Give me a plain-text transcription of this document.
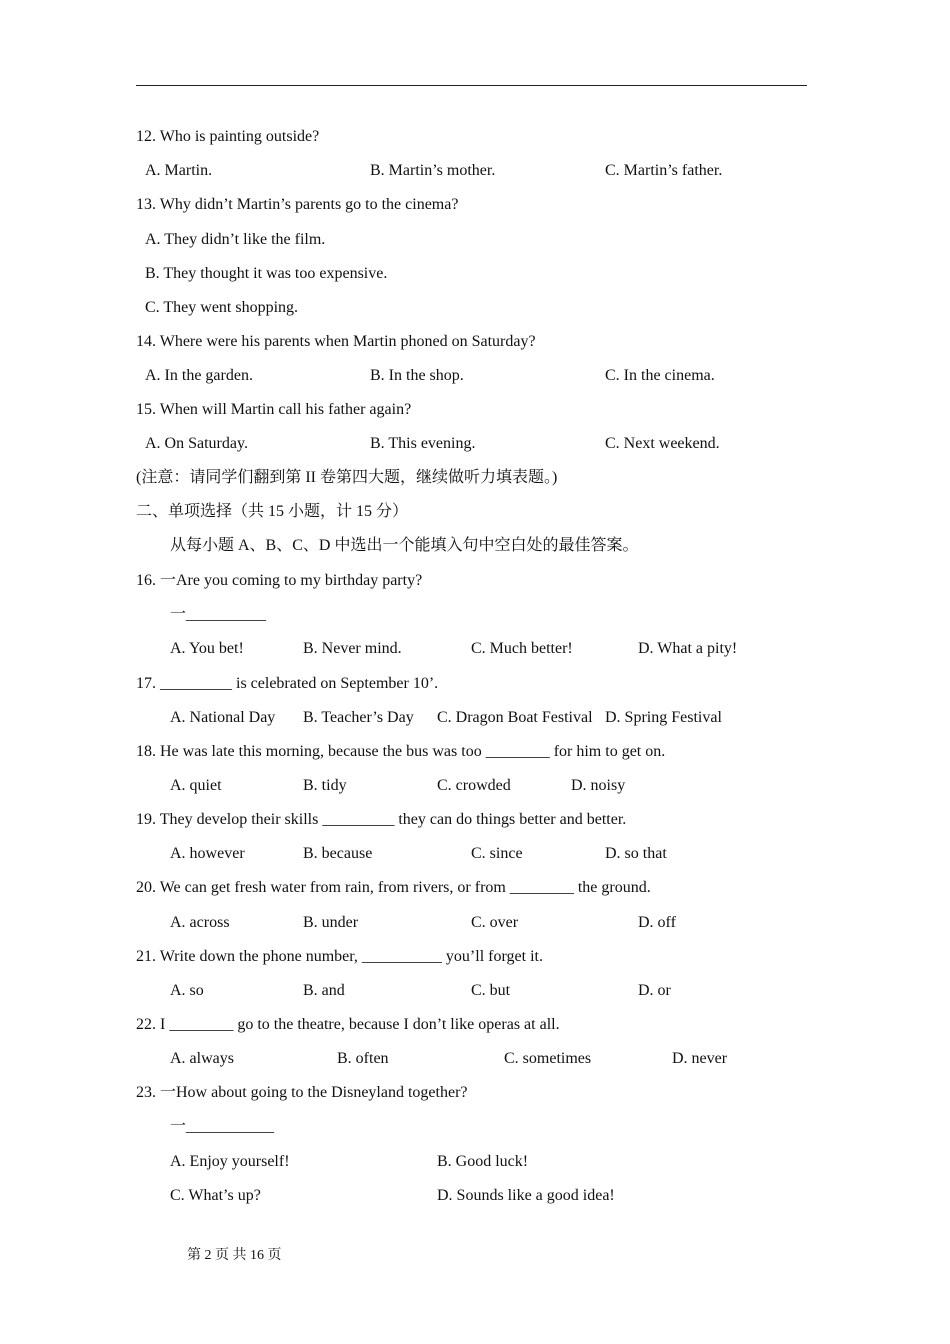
12. Who is painting outside?
A. Martin.	B. Martin’s mother.	C. Martin’s father.
13. Why didn’t Martin’s parents go to the cinema?
A. They didn’t like the film.
B. They thought it was too expensive.
C. They went shopping.
14. Where were his parents when Martin phoned on Saturday?
A. In the garden.	B. In the shop.	C. In the cinema.
15. When will Martin call his father again?
A. On Saturday.	B. This evening.	C. Next weekend.
(注意：请同学们翻到第 II 卷第四大题，继续做听力填表题。)
二、单项选择（共 15 小题，计 15 分）
从每小题 A、B、C、D 中选出一个能填入句中空白处的最佳答案。
16. 一Are you coming to my birthday party?
一__________
A. You bet!	B. Never mind.	C. Much better!	D. What a pity!
17. _________ is celebrated on September 10’.
A. National Day B. Teacher’s Day C. Dragon Boat Festival D. Spring Festival
18. He was late this morning, because the bus was too ________ for him to get on.
A. quiet	B. tidy	C. crowded	D. noisy
19. They develop their skills _________ they can do things better and better.
A. however	B. because	C. since	D. so that
20. We can get fresh water from rain, from rivers, or from ________ the ground.
A. across	B. under	C. over	D. off
21. Write down the phone number, __________ you’ll forget it.
A. so	B. and	C. but	D. or
22. I ________ go to the theatre, because I don’t like operas at all.
A. always	B. often	C. sometimes	D. never
23. 一How about going to the Disneyland together?
一___________
A. Enjoy yourself!	B. Good luck!
C. What’s up?	D. Sounds like a good idea!
第 2 页 共 16 页
